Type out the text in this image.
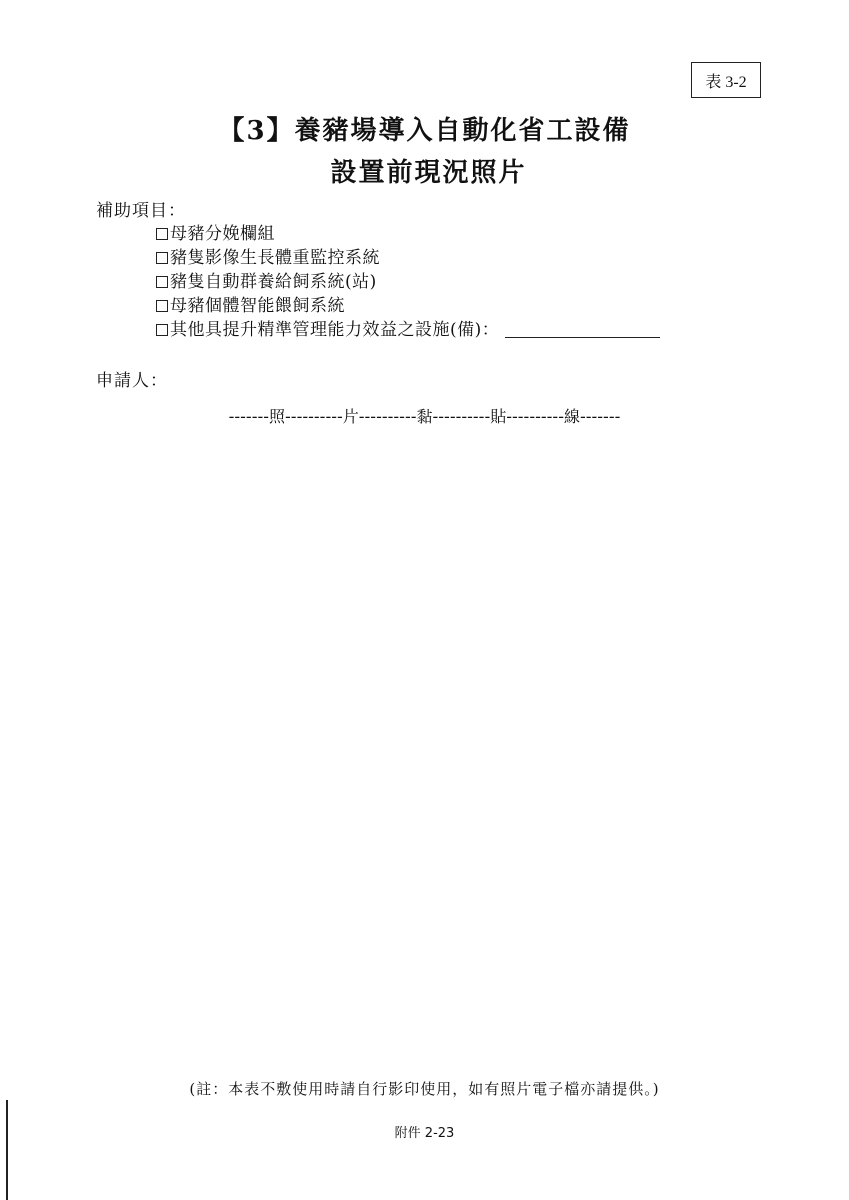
表 3-2
【3】養豬場導入自動化省工設備
設置前現況照片
補助項目：
母豬分娩欄組
豬隻影像生長體重監控系統
豬隻自動群養給飼系統(站)
母豬個體智能餵飼系統
其他具提升精準管理能力效益之設施(備)：
申請人：
-------照----------片----------黏----------貼----------線-------
(註：本表不敷使用時請自行影印使用，如有照片電子檔亦請提供。)
附件 2-23
